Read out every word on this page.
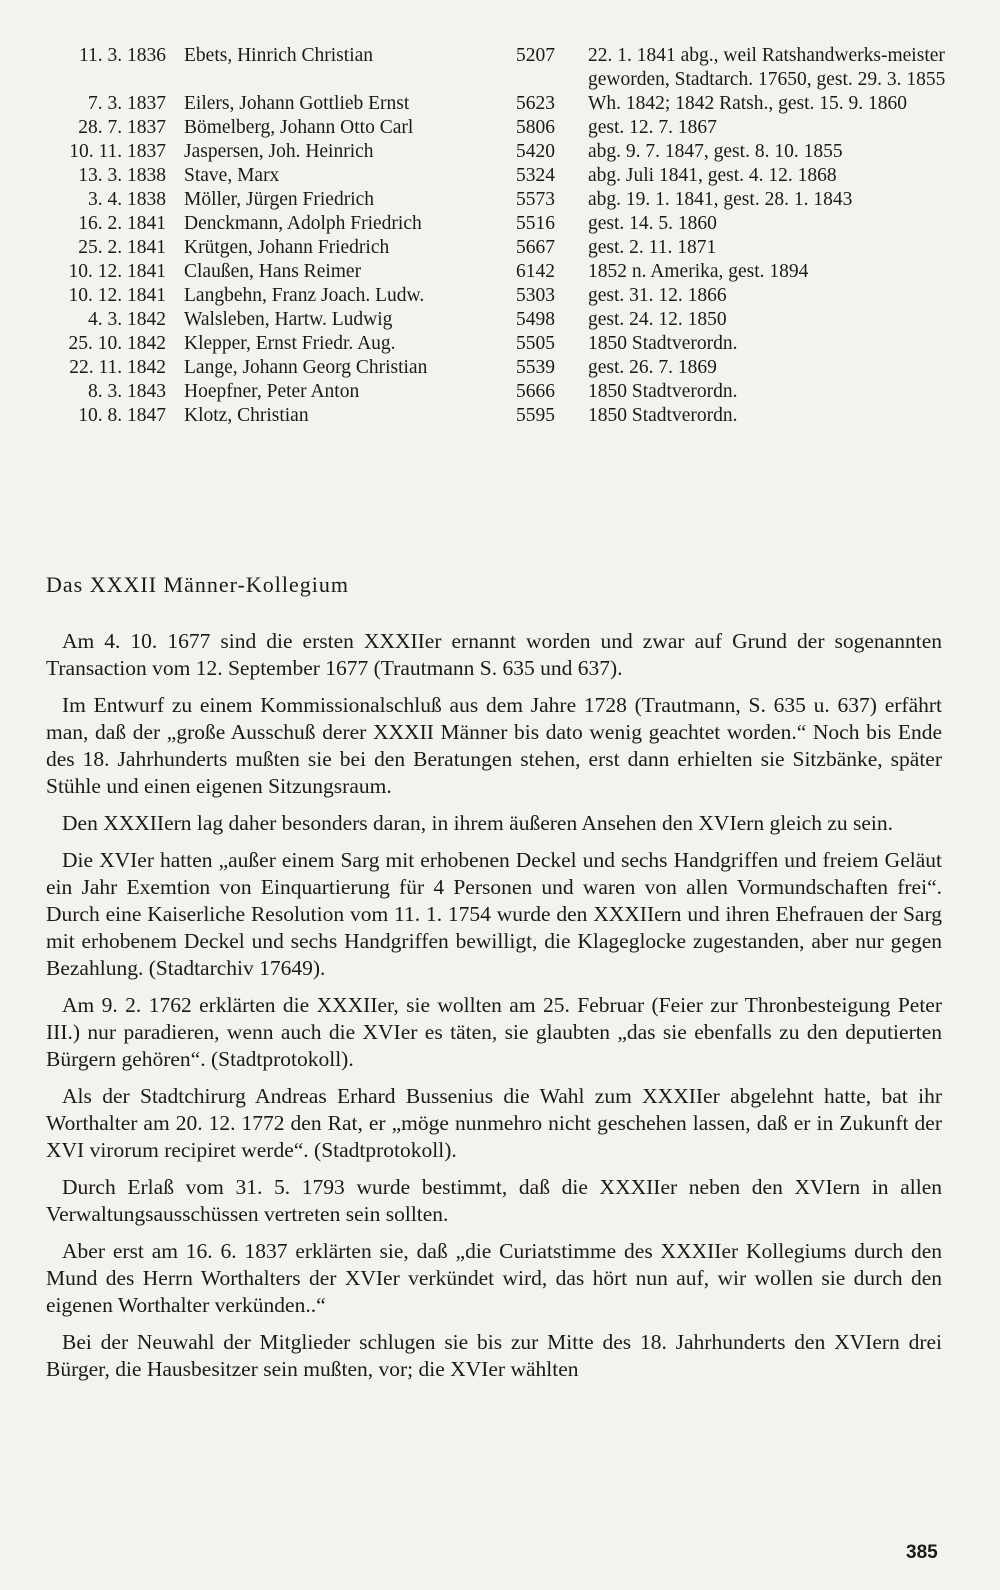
11. 3. 1836	Ebets, Hinrich Christian	5207	22. 1. 1841 abg., weil Ratshandwerks-meister geworden, Stadtarch. 17650, gest. 29. 3. 1855
7. 3. 1837	Eilers, Johann Gottlieb Ernst	5623	Wh. 1842; 1842 Ratsh., gest. 15. 9. 1860
28. 7. 1837	Bömelberg, Johann Otto Carl	5806	gest. 12. 7. 1867
10. 11. 1837	Jaspersen, Joh. Heinrich	5420	abg. 9. 7. 1847, gest. 8. 10. 1855
13. 3. 1838	Stave, Marx	5324	abg. Juli 1841, gest. 4. 12. 1868
3. 4. 1838	Möller, Jürgen Friedrich	5573	abg. 19. 1. 1841, gest. 28. 1. 1843
16. 2. 1841	Denckmann, Adolph Friedrich	5516	gest. 14. 5. 1860
25. 2. 1841	Krütgen, Johann Friedrich	5667	gest. 2. 11. 1871
10. 12. 1841	Claußen, Hans Reimer	6142	1852 n. Amerika, gest. 1894
10. 12. 1841	Langbehn, Franz Joach. Ludw.	5303	gest. 31. 12. 1866
4. 3. 1842	Walsleben, Hartw. Ludwig	5498	gest. 24. 12. 1850
25. 10. 1842	Klepper, Ernst Friedr. Aug.	5505	1850 Stadtverordn.
22. 11. 1842	Lange, Johann Georg Christian	5539	gest. 26. 7. 1869
8. 3. 1843	Hoepfner, Peter Anton	5666	1850 Stadtverordn.
10. 8. 1847	Klotz, Christian	5595	1850 Stadtverordn.
Das XXXII Männer-Kollegium

Am 4. 10. 1677 sind die ersten XXXIIer ernannt worden und zwar auf Grund der sogenannten Transaction vom 12. September 1677 (Trautmann S. 635 und 637).

Im Entwurf zu einem Kommissionalschluß aus dem Jahre 1728 (Trautmann, S. 635 u. 637) erfährt man, daß der „große Ausschuß derer XXXII Männer bis dato wenig geachtet worden.“ Noch bis Ende des 18. Jahrhunderts mußten sie bei den Beratungen stehen, erst dann erhielten sie Sitzbänke, später Stühle und einen eigenen Sitzungsraum.

Den XXXIIern lag daher besonders daran, in ihrem äußeren Ansehen den XVIern gleich zu sein.

Die XVIer hatten „außer einem Sarg mit erhobenen Deckel und sechs Handgriffen und freiem Geläut ein Jahr Exemtion von Einquartierung für 4 Personen und waren von allen Vormundschaften frei“. Durch eine Kaiserliche Resolution vom 11. 1. 1754 wurde den XXXIIern und ihren Ehefrauen der Sarg mit erhobenem Deckel und sechs Handgriffen bewilligt, die Klageglocke zugestanden, aber nur gegen Bezahlung. (Stadtarchiv 17649).

Am 9. 2. 1762 erklärten die XXXIIer, sie wollten am 25. Februar (Feier zur Thronbesteigung Peter III.) nur paradieren, wenn auch die XVIer es täten, sie glaubten „das sie ebenfalls zu den deputierten Bürgern gehören“. (Stadtprotokoll).

Als der Stadtchirurg Andreas Erhard Bussenius die Wahl zum XXXIIer abgelehnt hatte, bat ihr Worthalter am 20. 12. 1772 den Rat, er „möge nunmehro nicht geschehen lassen, daß er in Zukunft der XVI virorum recipiret werde“. (Stadtprotokoll).

Durch Erlaß vom 31. 5. 1793 wurde bestimmt, daß die XXXIIer neben den XVIern in allen Verwaltungsausschüssen vertreten sein sollten.

Aber erst am 16. 6. 1837 erklärten sie, daß „die Curiatstimme des XXXIIer Kollegiums durch den Mund des Herrn Worthalters der XVIer verkündet wird, das hört nun auf, wir wollen sie durch den eigenen Worthalter verkünden..“

Bei der Neuwahl der Mitglieder schlugen sie bis zur Mitte des 18. Jahrhunderts den XVIern drei Bürger, die Hausbesitzer sein mußten, vor; die XVIer wählten

385
